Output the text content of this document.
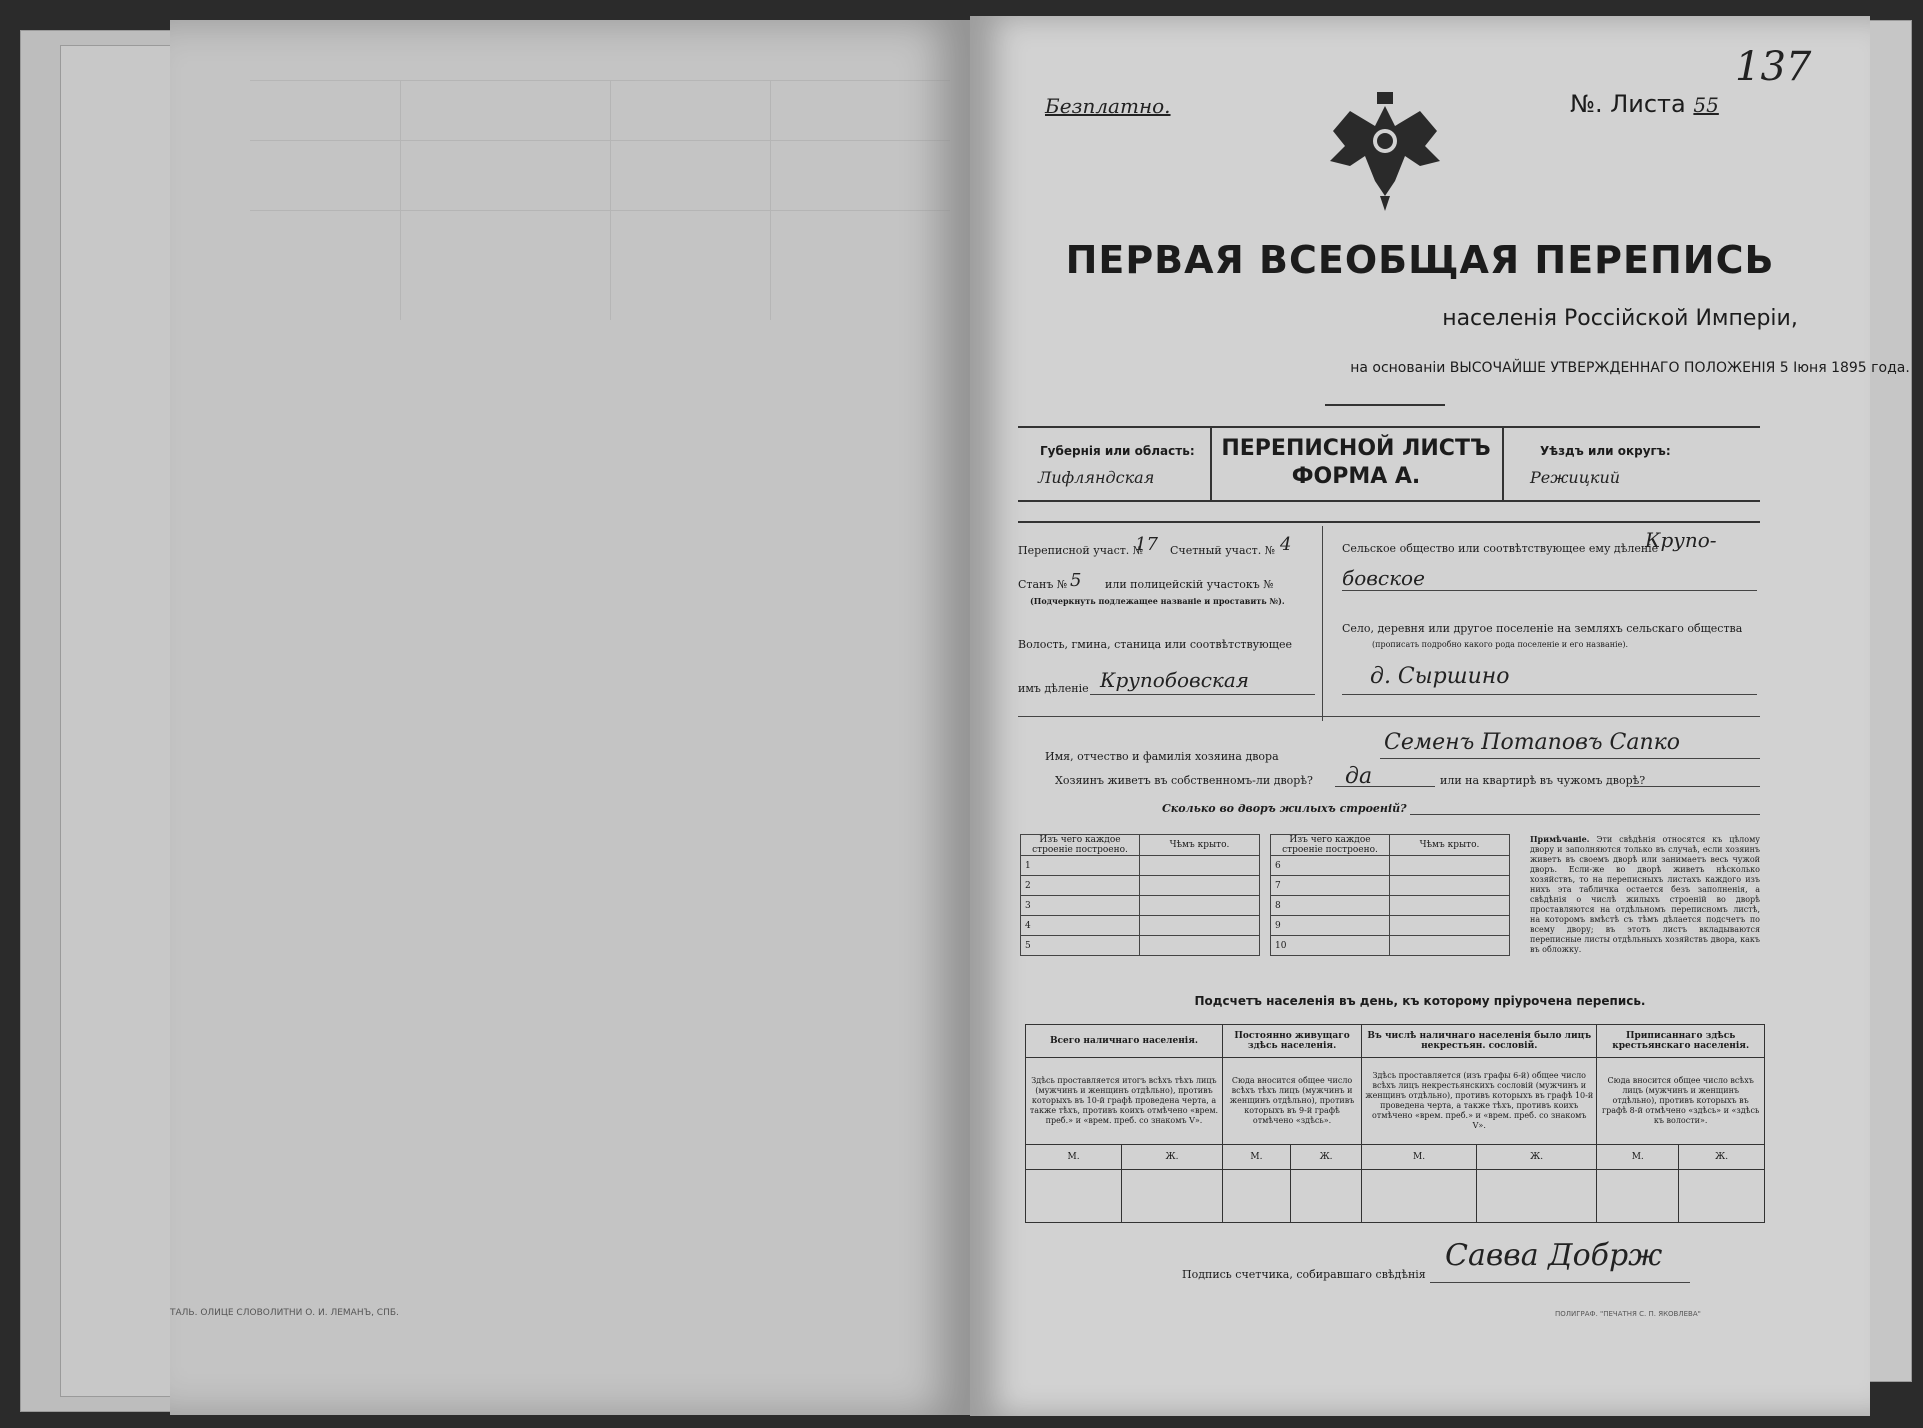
ТАЛЬ. ОЛИЦЕ СЛОВОЛИТНИ О. И. ЛЕМАНЪ, СПБ.
Безплатно.	№. Листа 55
137
ПЕРВАЯ ВСЕОБЩАЯ ПЕРЕПИСЬ
населенія Россійской Имперіи,
на основаніи ВЫСОЧАЙШЕ УТВЕРЖДЕННАГО ПОЛОЖЕНІЯ 5 Іюня 1895 года.
Губернія или область:
Лифляндская
ПЕРЕПИСНОЙ ЛИСТЪ
ФОРМА А.
Уѣздъ или округъ:
Режицкий
Переписной участ. №
17 Счетный участ. № 4
Станъ № 5 или полицейскій участокъ №
(Подчеркнуть подлежащее названіе и проставить №).
Волость, гмина, станица или соотвѣтствующее
имъ дѣленіе Крупобовская
Сельское общество или соотвѣтствующее ему дѣленіе
Крупо-
бовское
Село, деревня или другое поселеніе на земляхъ сельскаго общества
(прописать подробно какого рода поселеніе и его названіе).
д. Сыршино
Имя, отчество и фамилія хозяина двора
Семенъ Потаповъ Сапко
Хозяинъ живетъ въ собственномъ-ли дворѣ? да	или на квартирѣ въ чужомъ дворѣ?
Сколько во дворъ жилыхъ строеній?
Изъ чего каждое строеніе построено.	Чѣмъ крыто.
1	
2	
3	
4	
5	
Изъ чего каждое строеніе построено.	Чѣмъ крыто.
6	
7	
8	
9	
10	
Примѣчаніе. Эти свѣдѣнія относятся къ цѣлому двору и заполняются только въ случаѣ, если хозяинъ живетъ въ своемъ дворѣ или занимаетъ весь чужой дворъ. Если-же во дворѣ живетъ нѣсколько хозяйствъ, то на переписныхъ листахъ каждого изъ нихъ эта табличка остается безъ заполненія, а свѣдѣнія о числѣ жилыхъ строеній во дворѣ проставляются на отдѣльномъ переписномъ листѣ, на которомъ вмѣстѣ съ тѣмъ дѣлается подсчетъ по всему двору; въ этотъ листъ вкладываются переписные листы отдѣльныхъ хозяйствъ двора, какъ въ обложку.
Подсчетъ населенія въ день, къ которому пріурочена перепись.
Всего наличнаго населенія.		Постоянно живущаго здѣсь населенія.		Въ числѣ наличнаго населенія было лицъ некрестьян. сословій.		Приписаннаго здѣсь крестьянскаго населенія.	
Здѣсь проставляется итогъ всѣхъ тѣхъ лицъ (мужчинъ и женщинъ отдѣльно), противъ которыхъ въ 10-й графѣ проведена черта, а также тѣхъ, противъ коихъ отмѣчено «врем. преб.» и «врем. преб. со знакомъ V».		Сюда вносится общее число всѣхъ тѣхъ лицъ (мужчинъ и женщинъ отдѣльно), противъ которыхъ въ 9-й графѣ отмѣчено «здѣсь».		Здѣсь проставляется (изъ графы 6-й) общее число всѣхъ лицъ некрестьянскихъ сословій (мужчинъ и женщинъ отдѣльно), противъ которыхъ въ графѣ 10-й проведена черта, а также тѣхъ, противъ коихъ отмѣчено «врем. преб.» и «врем. преб. со знакомъ V».		Сюда вносится общее число всѣхъ лицъ (мужчинъ и женщинъ отдѣльно), противъ которыхъ въ графѣ 8-й отмѣчено «здѣсь» и «здѣсь къ волости».	
М.	Ж.	М.	Ж.	М.	Ж.	М.	Ж.

Подпись счетчика, собиравшаго свѣдѣнія
Савва Добрж
ПОЛИГРАФ. "ПЕЧАТНЯ С. П. ЯКОВЛЕВА"
